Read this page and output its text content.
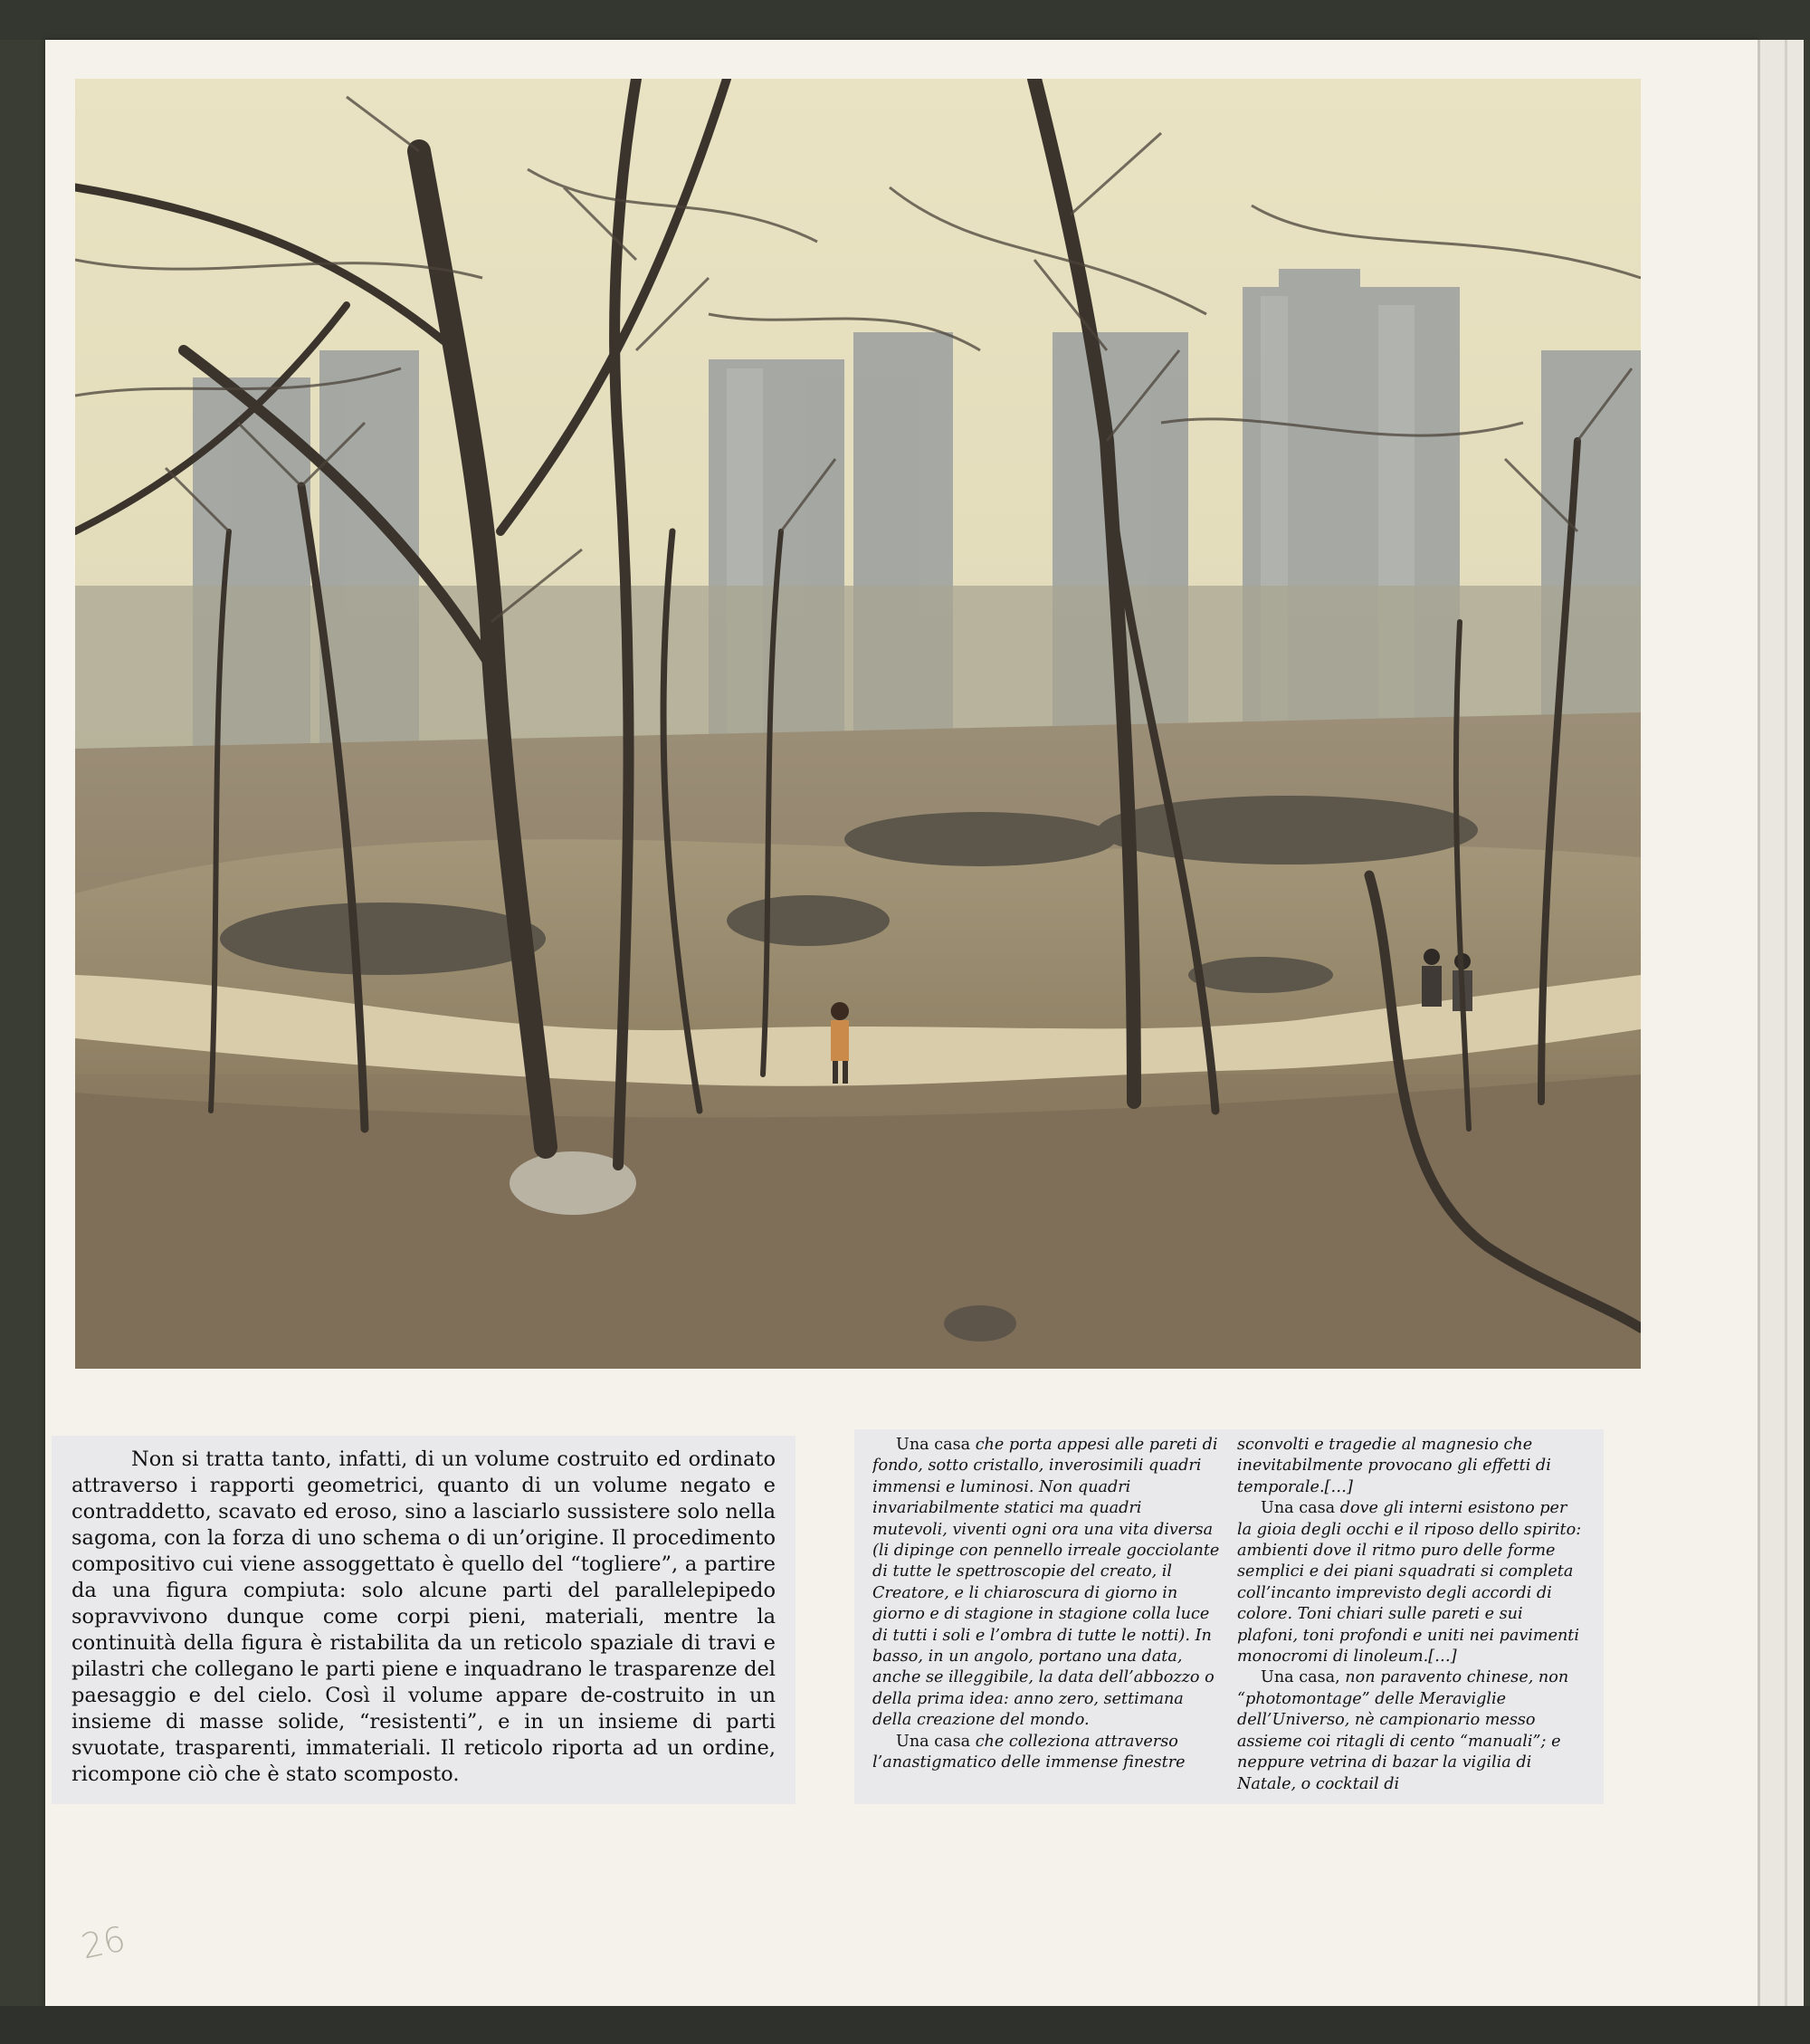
Non si tratta tanto, infatti, di un volume costruito ed ordinato attraverso i rapporti geometrici, quanto di un volume negato e contraddetto, scavato ed eroso, sino a lasciarlo sussistere solo nella sagoma, con la forza di uno schema o di un’origine. Il procedimento compositivo cui viene assoggettato è quello del “togliere”, a partire da una figura compiuta: solo alcune parti del parallelepipedo sopravvivono dunque come corpi pieni, materiali, mentre la continuità della figura è ristabilita da un reticolo spaziale di travi e pilastri che collegano le parti piene e inquadrano le trasparenze del paesaggio e del cielo. Così il volume appare de-costruito in un insieme di masse solide, “resistenti”, e in un insieme di parti svuotate, trasparenti, immateriali. Il reticolo riporta ad un ordine, ricompone ciò che è stato scomposto.

Una casa che porta appesi alle pareti di fondo, sotto cristallo, inverosimili quadri immensi e luminosi. Non quadri invariabilmente statici ma quadri mutevoli, viventi ogni ora una vita diversa (li dipinge con pennello irreale gocciolante di tutte le spettroscopie del creato, il Creatore, e li chiaroscura di giorno in giorno e di stagione in stagione colla luce di tutti i soli e l’ombra di tutte le notti). In basso, in un angolo, portano una data, anche se illeggibile, la data dell’abbozzo o della prima idea: anno zero, settimana della creazione del mondo.

Una casa che colleziona attraverso l’anastigmatico delle immense finestre

sconvolti e tragedie al magnesio che inevitabilmente provocano gli effetti di temporale.[…]

Una casa dove gli interni esistono per la gioia degli occhi e il riposo dello spirito: ambienti dove il ritmo puro delle forme semplici e dei piani squadrati si completa coll’incanto imprevisto degli accordi di colore. Toni chiari sulle pareti e sui plafoni, toni profondi e uniti nei pavimenti monocromi di linoleum.[…]

Una casa, non paravento chinese, non “photomontage” delle Meraviglie dell’Universo, nè campionario messo assieme coi ritagli di cento “manuali”; e neppure vetrina di bazar la vigilia di Natale, o cocktail di

26
